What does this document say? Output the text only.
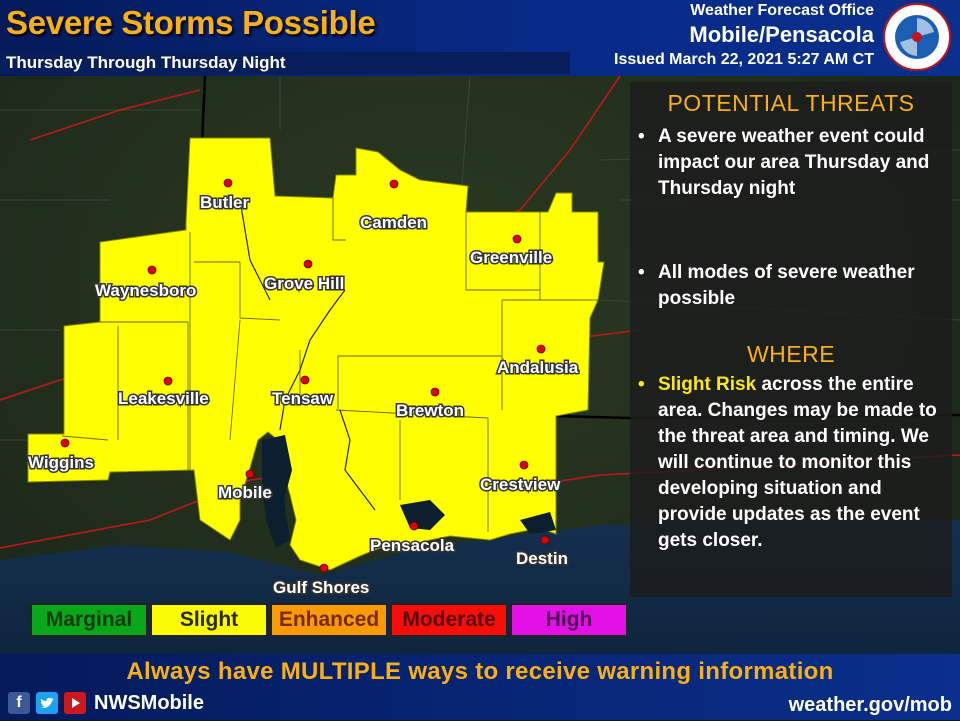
Butler
Camden
Greenville
Waynesboro	Grove Hill
Andalusia
Leakesville	Tensaw
Brewton
Wiggins
Mobile	Crestview
Pensacola
Destin
Gulf Shores
Severe Storms Possible
Thursday Through Thursday Night
Weather Forecast Office
Mobile/Pensacola
Issued March 22, 2021 5:27 AM CT
POTENTIAL THREATS
• A severe weather event could impact our area Thursday and Thursday night
• All modes of severe weather possible
WHERE
• Slight Risk across the entire area. Changes may be made to the threat area and timing. We will continue to monitor this developing situation and provide updates as the event gets closer.
Marginal	Slight	Enhanced	Moderate	High
Always have MULTIPLE ways to receive warning information
f	NWSMobile	weather.gov/mob
